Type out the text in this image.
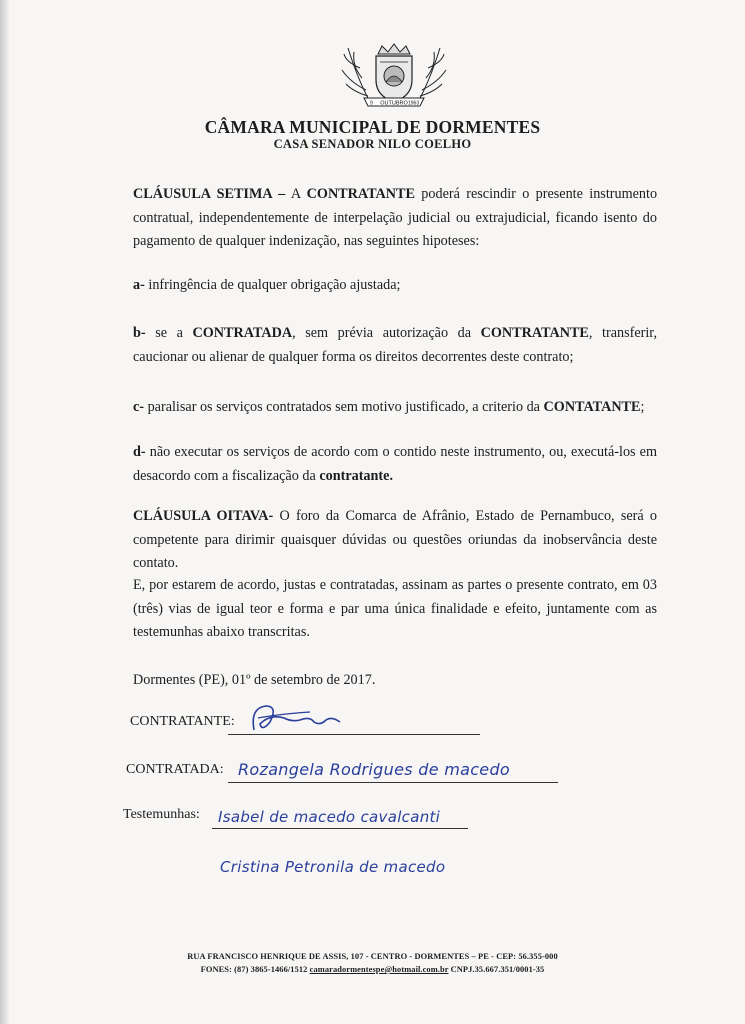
OUTUBRO
9	1963
CÂMARA MUNICIPAL DE DORMENTES
CASA SENADOR NILO COELHO
CLÁUSULA SETIMA – A CONTRATANTE poderá rescindir o presente instrumento contratual, independentemente de interpelação judicial ou extrajudicial, ficando isento do pagamento de qualquer indenização, nas seguintes hipoteses:
a- infringência de qualquer obrigação ajustada;
b- se a CONTRATADA, sem prévia autorização da CONTRATANTE, transferir, caucionar ou alienar de qualquer forma os direitos decorrentes deste contrato;
c- paralisar os serviços contratados sem motivo justificado, a criterio da CONTATANTE;
d- não executar os serviços de acordo com o contido neste instrumento, ou, executá-los em desacordo com a fiscalização da contratante.
CLÁUSULA OITAVA- O foro da Comarca de Afrânio, Estado de Pernambuco, será o competente para dirimir quaisquer dúvidas ou questões oriundas da inobservância deste contato.
E, por estarem de acordo, justas e contratadas, assinam as partes o presente contrato, em 03 (três) vias de igual teor e forma e par uma única finalidade e efeito, juntamente com as testemunhas abaixo transcritas.
Dormentes (PE), 01º de setembro de 2017.
CONTRATANTE:
CONTRATADA: Rozangela Rodrigues de macedo
Testemunhas: Isabel de macedo cavalcanti
Cristina Petronila de macedo
RUA FRANCISCO HENRIQUE DE ASSIS, 107 - CENTRO - DORMENTES – PE - CEP: 56.355-000
FONES: (87) 3865-1466/1512 camaradormentespe@hotmail.com.br CNPJ.35.667.351/0001-35
